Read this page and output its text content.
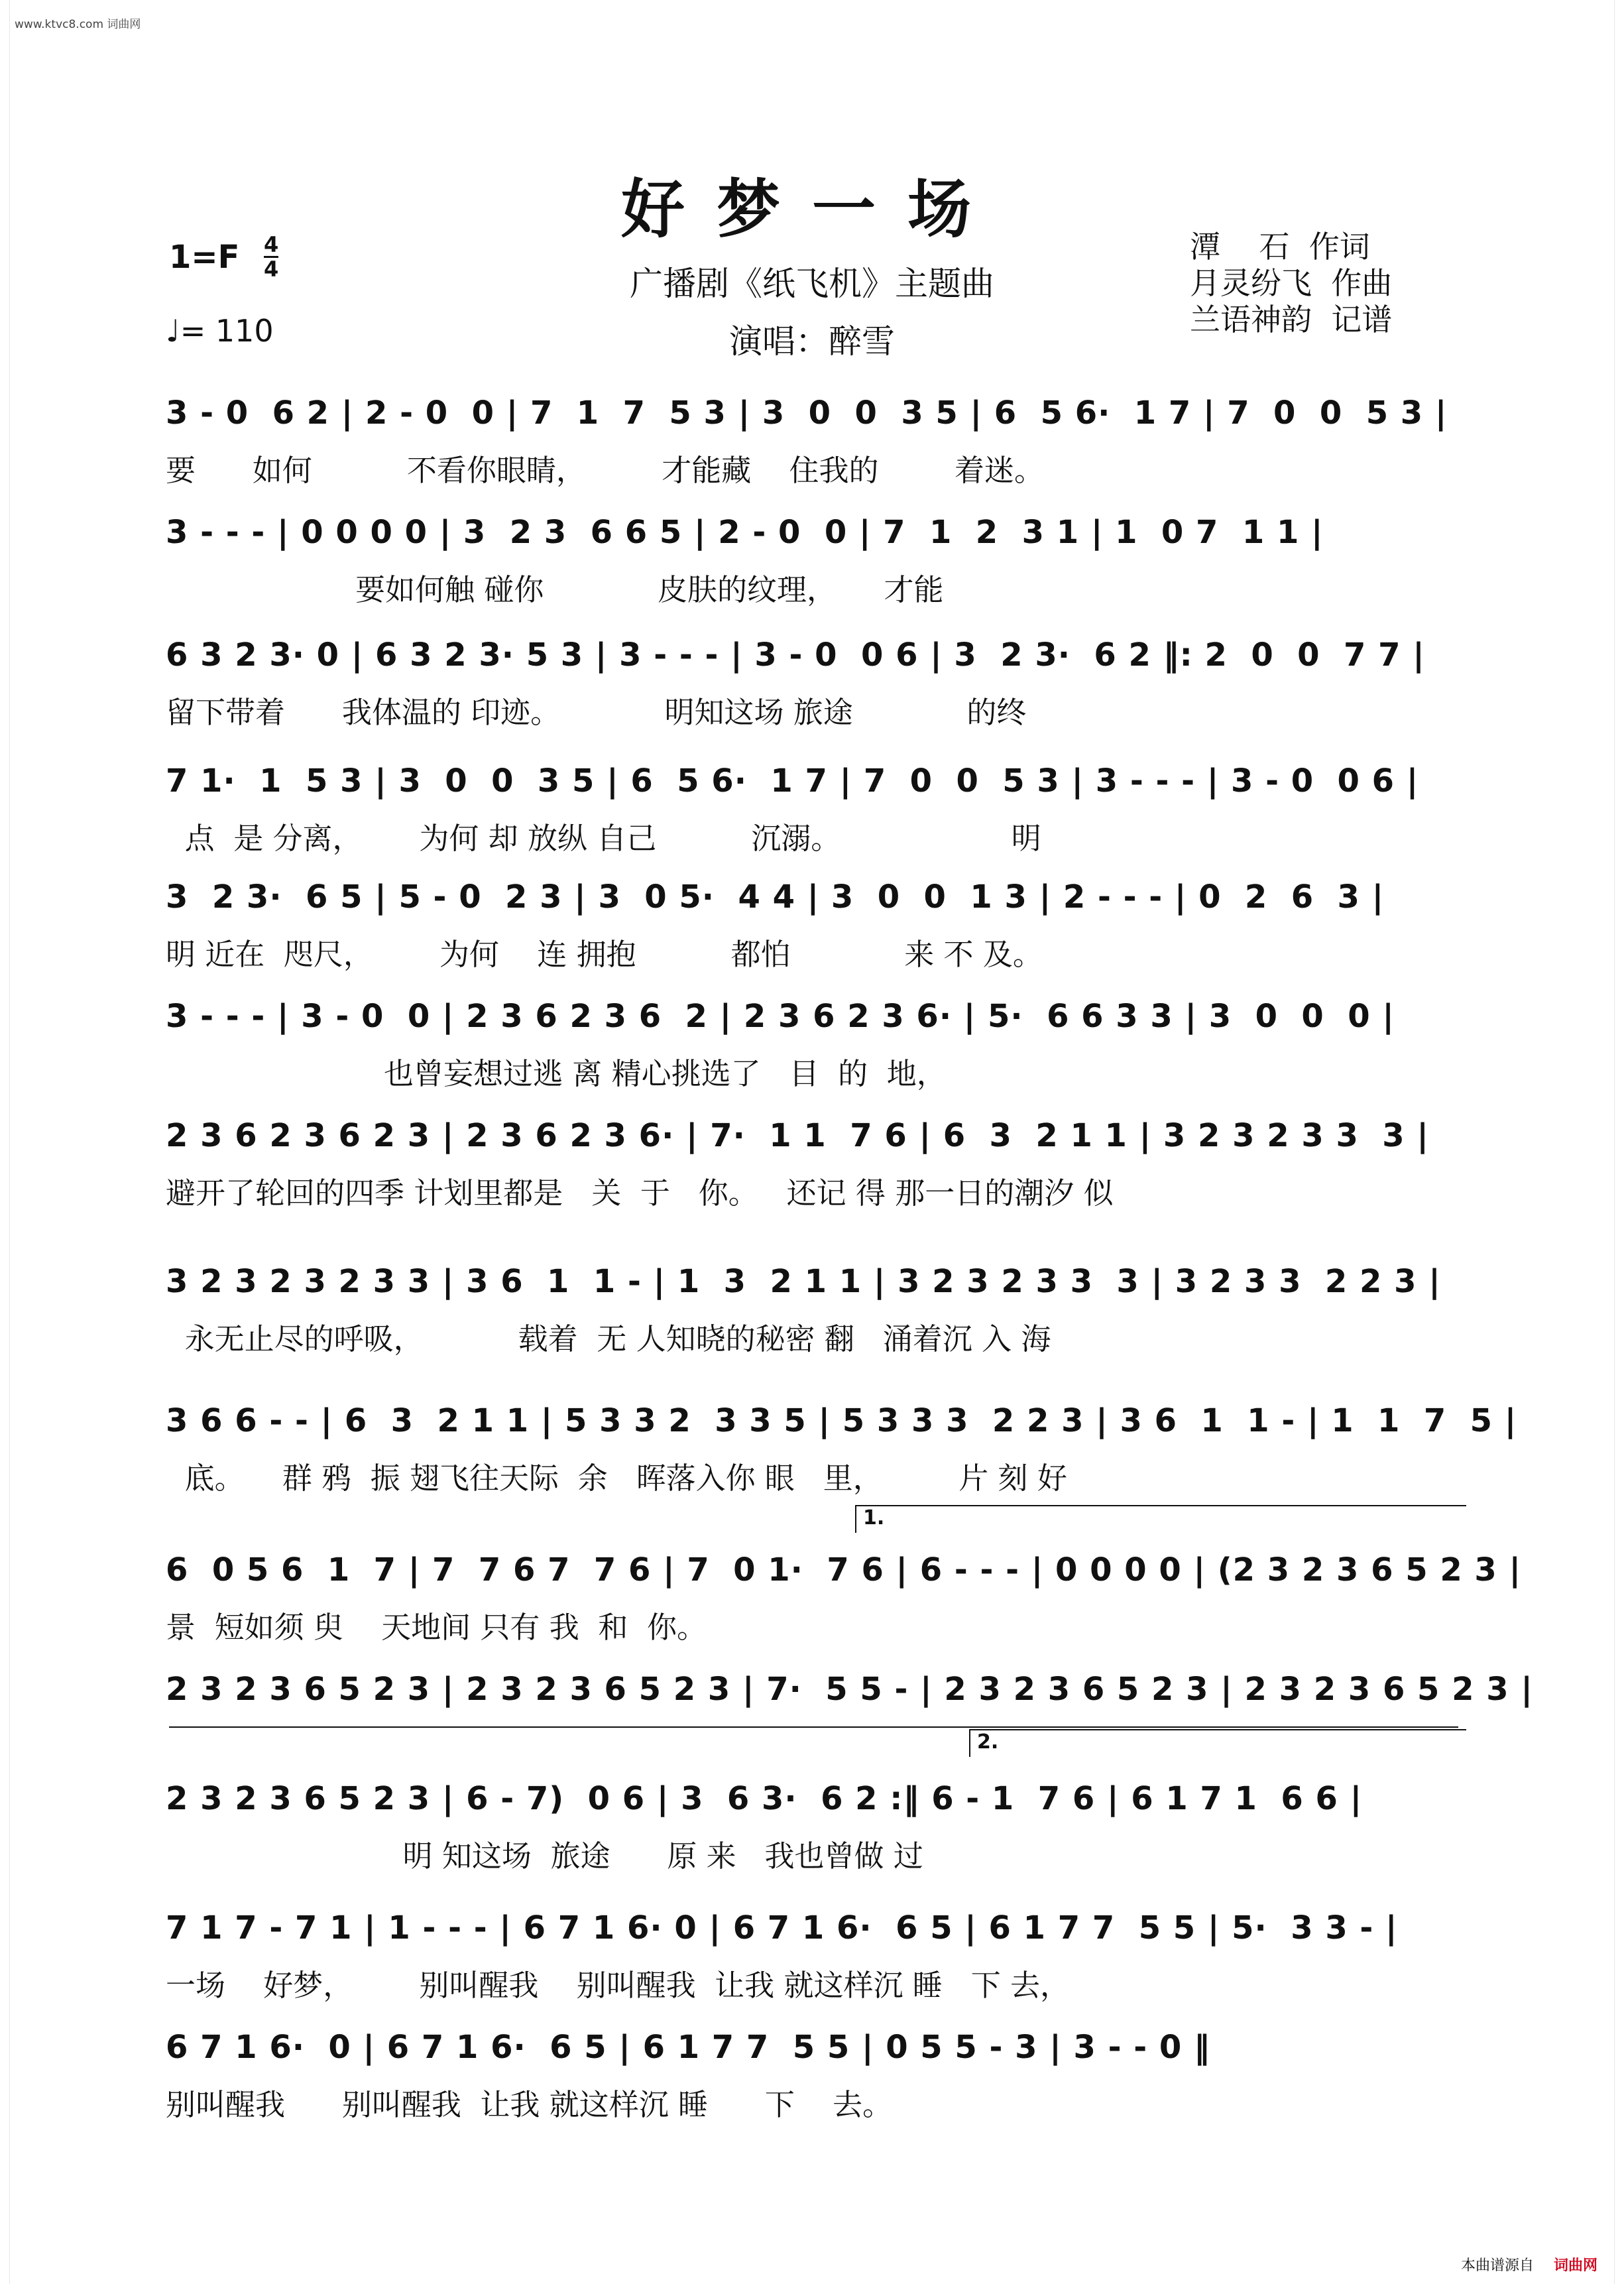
www.ktvc8.com 词曲网
好梦一场
广播剧《纸飞机》主题曲
演唱：醉雪
$1=F \frac{4}{4}$
♩= 110
潭    石  作词
月灵纷飞  作曲
兰语神韵  记谱
3 - 0  6 2 | 2 - 0  0 | 7  1  7  5 3 | 3  0  0  3 5 | 6  5 6·  1 7 | 7  0  0  5 3 |
要      如何          不看你眼睛，        才能藏    住我的        着迷。
3 - - - | 0 0 0 0 | 3  2 3  6 6 5 | 2 - 0  0 | 7  1  2  3 1 | 1  0 7  1 1 |
要如何触 碰你            皮肤的纹理，     才能
6 3 2 3· 0 | 6 3 2 3· 5 3 | 3 - - - | 3 - 0  0 6 | 3  2 3·  6 2 ‖: 2  0  0  7 7 |
留下带着      我体温的 印迹。           明知这场 旅途            的终
7 1·  1  5 3 | 3  0  0  3 5 | 6  5 6·  1 7 | 7  0  0  5 3 | 3 - - - | 3 - 0  0 6 |
点  是 分离，      为何 却 放纵 自己          沉溺。                  明
3  2 3·  6 5 | 5 - 0  2 3 | 3  0 5·  4 4 | 3  0  0  1 3 | 2 - - - | 0  2  6  3 |
明 近在  咫尺，       为何    连 拥抱          都怕            来 不 及。
3 - - - | 3 - 0  0 | 2 3 6 2 3 6  2 | 2 3 6 2 3 6· | 5·  6 6 3 3 | 3  0  0  0 |
也曾妄想过逃 离 精心挑选了   目  的  地，
2 3 6 2 3 6 2 3 | 2 3 6 2 3 6· | 7·  1 1  7 6 | 6  3  2 1 1 | 3 2 3 2 3 3  3 |
避开了轮回的四季 计划里都是   关  于   你。   还记 得 那一日的潮汐 似
3 2 3 2 3 2 3 3 | 3 6  1  1 - | 1  3  2 1 1 | 3 2 3 2 3 3  3 | 3 2 3 3  2 2 3 |
永无止尽的呼吸，          载着  无 人知晓的秘密 翻   涌着沉 入 海
3 6 6 - - | 6  3  2 1 1 | 5 3 3 2  3 3 5 | 5 3 3 3  2 2 3 | 3 6  1  1 - | 1  1  7  5 |
底。    群 鸦  振 翅飞往天际  余   晖落入你 眼   里，        片 刻 好
6  0 5 6  1  7 | 7  7 6 7  7 6 | 7  0 1·  7 6 | 6 - - - | 0 0 0 0 | (2 3 2 3 6 5 2 3 |
景  短如须 臾    天地间 只有 我  和  你。
2 3 2 3 6 5 2 3 | 2 3 2 3 6 5 2 3 | 7·  5 5 - | 2 3 2 3 6 5 2 3 | 2 3 2 3 6 5 2 3 |
2 3 2 3 6 5 2 3 | 6 - 7)  0 6 | 3  6 3·  6 2 :‖ 6 - 1  7 6 | 6 1 7 1  6 6 |
明 知这场  旅途      原 来   我也曾做 过
7 1 7 - 7 1 | 1 - - - | 6 7 1 6· 0 | 6 7 1 6·  6 5 | 6 1 7 7  5 5 | 5·  3 3 - |
一场    好梦，       别叫醒我    别叫醒我  让我 就这样沉 睡   下 去，
6 7 1 6·  0 | 6 7 1 6·  6 5 | 6 1 7 7  5 5 | 0 5 5 - 3 | 3 - - 0 ‖
别叫醒我      别叫醒我  让我 就这样沉 睡      下    去。
1.
2.
本曲谱源自 词曲网
